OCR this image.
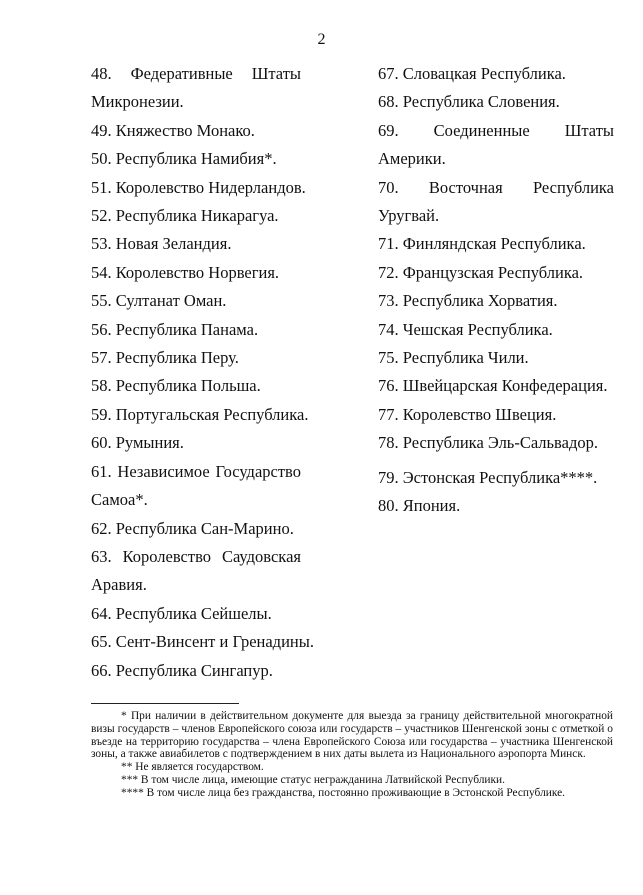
2
48. Федеративные Штаты
Микронезии.
49. Княжество Монако.
50. Республика Намибия*.
51. Королевство Нидерландов.
52. Республика Никарагуа.
53. Новая Зеландия.
54. Королевство Норвегия.
55. Султанат Оман.
56. Республика Панама.
57. Республика Перу.
58. Республика Польша.
59. Португальская Республика.
60. Румыния.
61. Независимое Государство
Самоа*.
62. Республика Сан-Марино.
63. Королевство Саудовская
Аравия.
64. Республика Сейшелы.
65. Сент-Винсент и Гренадины.
66. Республика Сингапур.
67. Словацкая Республика.
68. Республика Словения.
69. Соединенные Штаты
Америки.
70. Восточная Республика
Уругвай.
71. Финляндская Республика.
72. Французская Республика.
73. Республика Хорватия.
74. Чешская Республика.
75. Республика Чили.
76. Швейцарская Конфедерация.
77. Королевство Швеция.
78. Республика Эль-Сальвадор.
79. Эстонская Республика****.
80. Япония.
* При наличии в действительном документе для выезда за границу действительной многократной визы государств – членов Европейского союза или государств – участников Шенгенской зоны с отметкой о въезде на территорию государства – члена Европейского Союза или государства – участника Шенгенской зоны, а также авиабилетов с подтверждением в них даты вылета из Национального аэропорта Минск.
** Не является государством.
*** В том числе лица, имеющие статус негражданина Латвийской Республики.
**** В том числе лица без гражданства, постоянно проживающие в Эстонской Республике.
